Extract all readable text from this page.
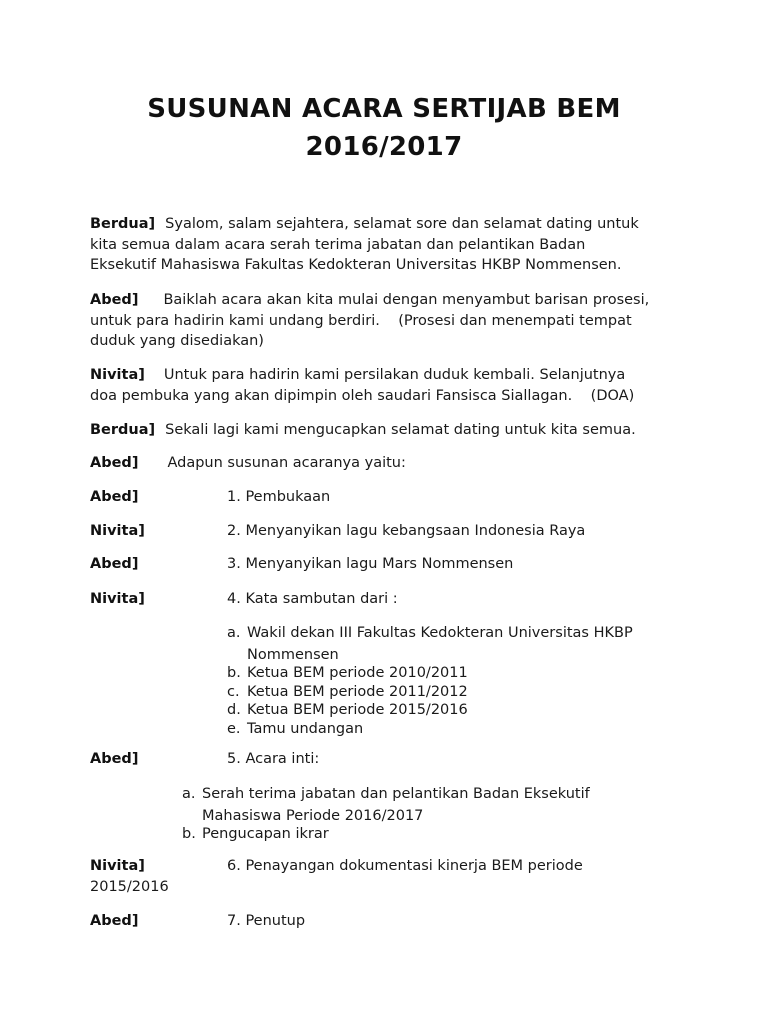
SUSUNAN ACARA SERTIJAB BEM
2016/2017
Berdua] Syalom, salam sejahtera, selamat sore dan selamat dating untuk
kita semua dalam acara serah terima jabatan dan pelantikan Badan
Eksekutif Mahasiswa Fakultas Kedokteran Universitas HKBP Nommensen.
Abed] Baiklah acara akan kita mulai dengan menyambut barisan prosesi,
untuk para hadirin kami undang berdiri.    (Prosesi dan menempati tempat
duduk yang disediakan)
Nivita] Untuk para hadirin kami persilakan duduk kembali. Selanjutnya
doa pembuka yang akan dipimpin oleh saudari Fansisca Siallagan.    (DOA)
Berdua] Sekali lagi kami mengucapkan selamat dating untuk kita semua.
Abed] Adapun susunan acaranya yaitu:
Abed]	1. Pembukaan
Nivita]	2. Menyanyikan lagu kebangsaan Indonesia Raya
Abed]	3. Menyanyikan lagu Mars Nommensen
Nivita]	4. Kata sambutan dari :
a. Wakil dekan III Fakultas Kedokteran Universitas HKBP
Nommensen
b. Ketua BEM periode 2010/2011
c. Ketua BEM periode 2011/2012
d. Ketua BEM periode 2015/2016
e. Tamu undangan
Abed]	5. Acara inti:
a. Serah terima jabatan dan pelantikan Badan Eksekutif
Mahasiswa Periode 2016/2017
b. Pengucapan ikrar
Nivita]	6. Penayangan dokumentasi kinerja BEM periode
2015/2016
Abed]	7. Penutup
